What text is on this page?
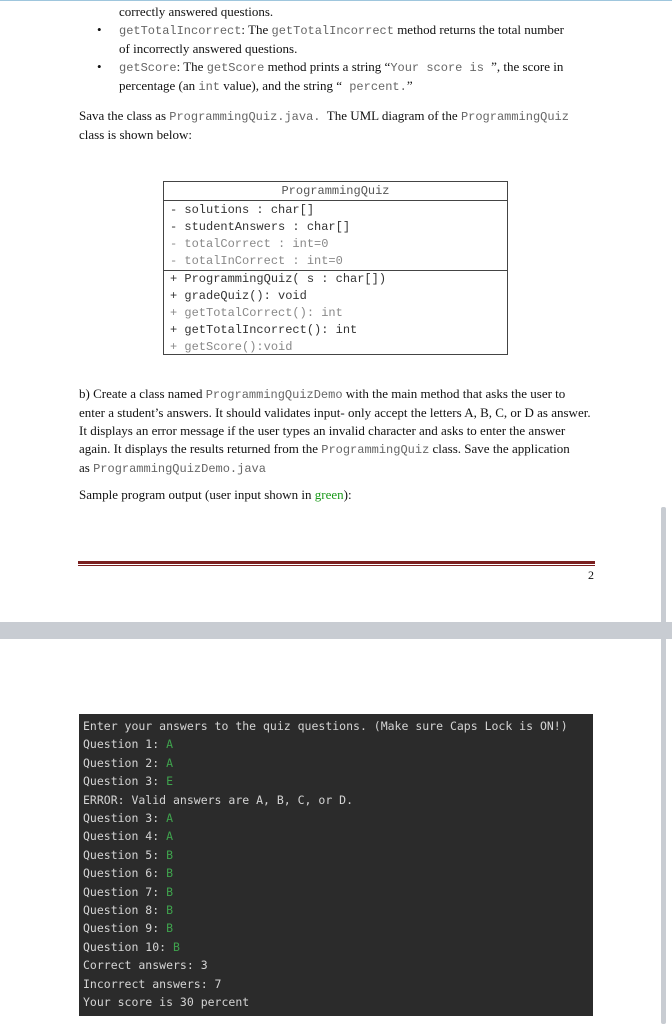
correctly answered questions.
• getTotalIncorrect: The getTotalIncorrect method returns the total number
of incorrectly answered questions.
• getScore: The getScore method prints a string “Your score is ”, the score in
percentage (an int value), and the string “ percent.”
Sava the class as ProgrammingQuiz.java.  The UML diagram of the ProgrammingQuiz
class is shown below:
ProgrammingQuiz
- solutions : char[]
- studentAnswers : char[]
- totalCorrect : int=0
- totalInCorrect : int=0
+ ProgrammingQuiz( s : char[])
+ gradeQuiz(): void
+ getTotalCorrect(): int
+ getTotalIncorrect(): int
+ getScore():void
b) Create a class named ProgrammingQuizDemo with the main method that asks the user to
enter a student’s answers. It should validates input- only accept the letters A, B, C, or D as answer.
It displays an error message if the user types an invalid character and asks to enter the answer
again. It displays the results returned from the ProgrammingQuiz class. Save the application
as ProgrammingQuizDemo.java
Sample program output (user input shown in green):
2
Enter your answers to the quiz questions. (Make sure Caps Lock is ON!)
Question 1: A
Question 2: A
Question 3: E
ERROR: Valid answers are A, B, C, or D.
Question 3: A
Question 4: A
Question 5: B
Question 6: B
Question 7: B
Question 8: B
Question 9: B
Question 10: B
Correct answers: 3
Incorrect answers: 7
Your score is 30 percent
